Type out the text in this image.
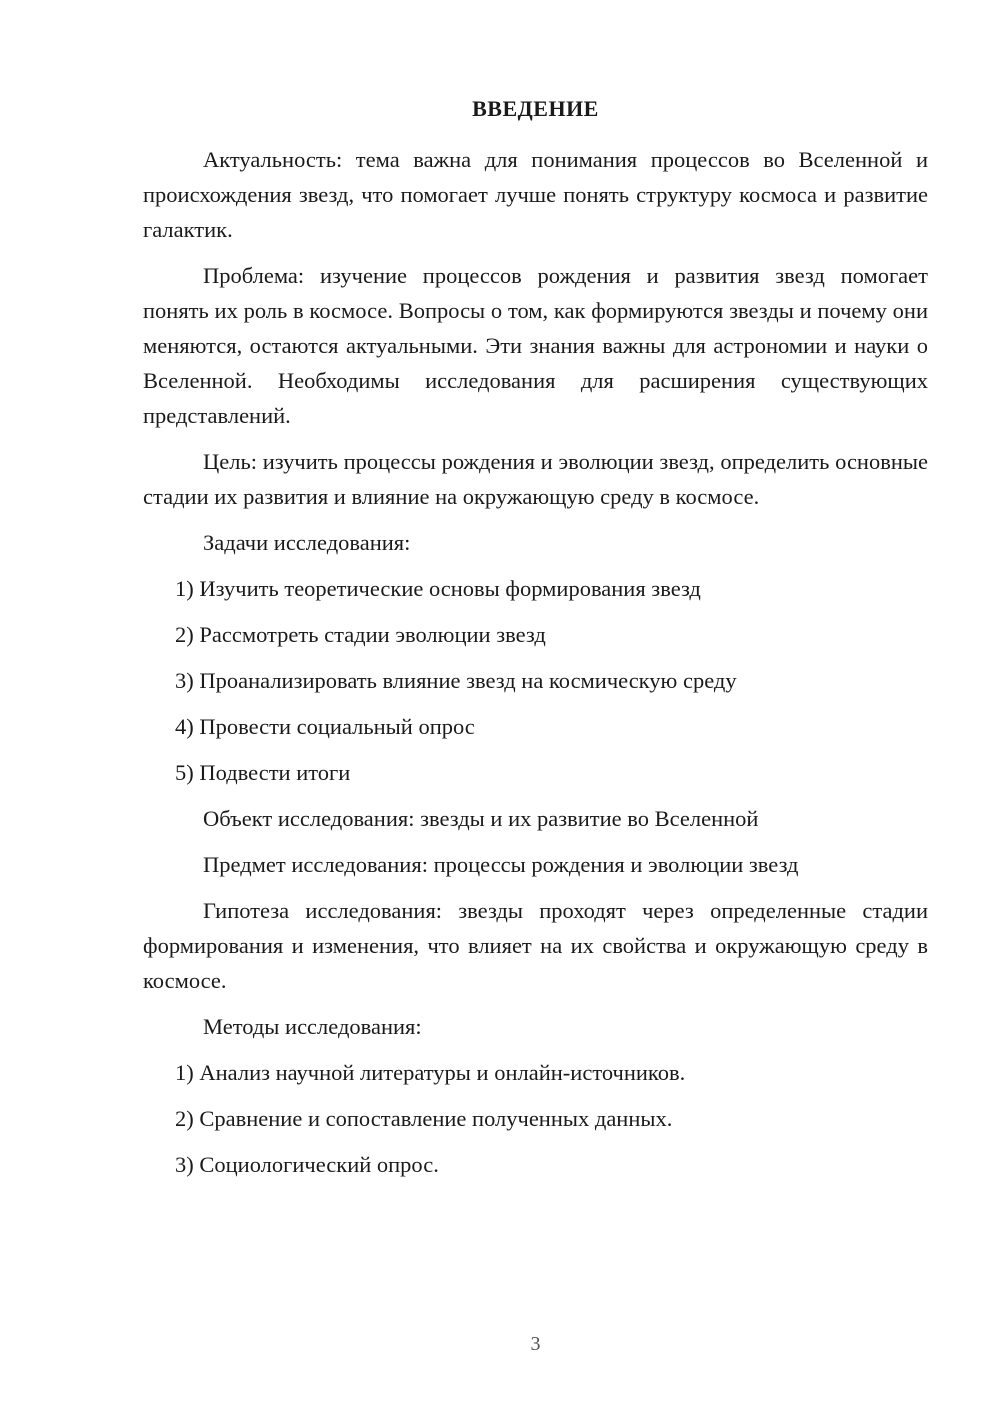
ВВЕДЕНИЕ

Актуальность: тема важна для понимания процессов во Вселенной и происхождения звезд, что помогает лучше понять структуру космоса и развитие галактик.

Проблема: изучение процессов рождения и развития звезд помогает понять их роль в космосе. Вопросы о том, как формируются звезды и почему они меняются, остаются актуальными. Эти знания важны для астрономии и науки о Вселенной. Необходимы исследования для расширения существующих представлений.

Цель: изучить процессы рождения и эволюции звезд, определить основные стадии их развития и влияние на окружающую среду в космосе.

Задачи исследования:

1) Изучить теоретические основы формирования звезд

2) Рассмотреть стадии эволюции звезд

3) Проанализировать влияние звезд на космическую среду

4) Провести социальный опрос

5) Подвести итоги

Объект исследования: звезды и их развитие во Вселенной

Предмет исследования: процессы рождения и эволюции звезд

Гипотеза исследования: звезды проходят через определенные стадии формирования и изменения, что влияет на их свойства и окружающую среду в космосе.

Методы исследования:

1) Анализ научной литературы и онлайн-источников.

2) Сравнение и сопоставление полученных данных.

3) Социологический опрос.

3
